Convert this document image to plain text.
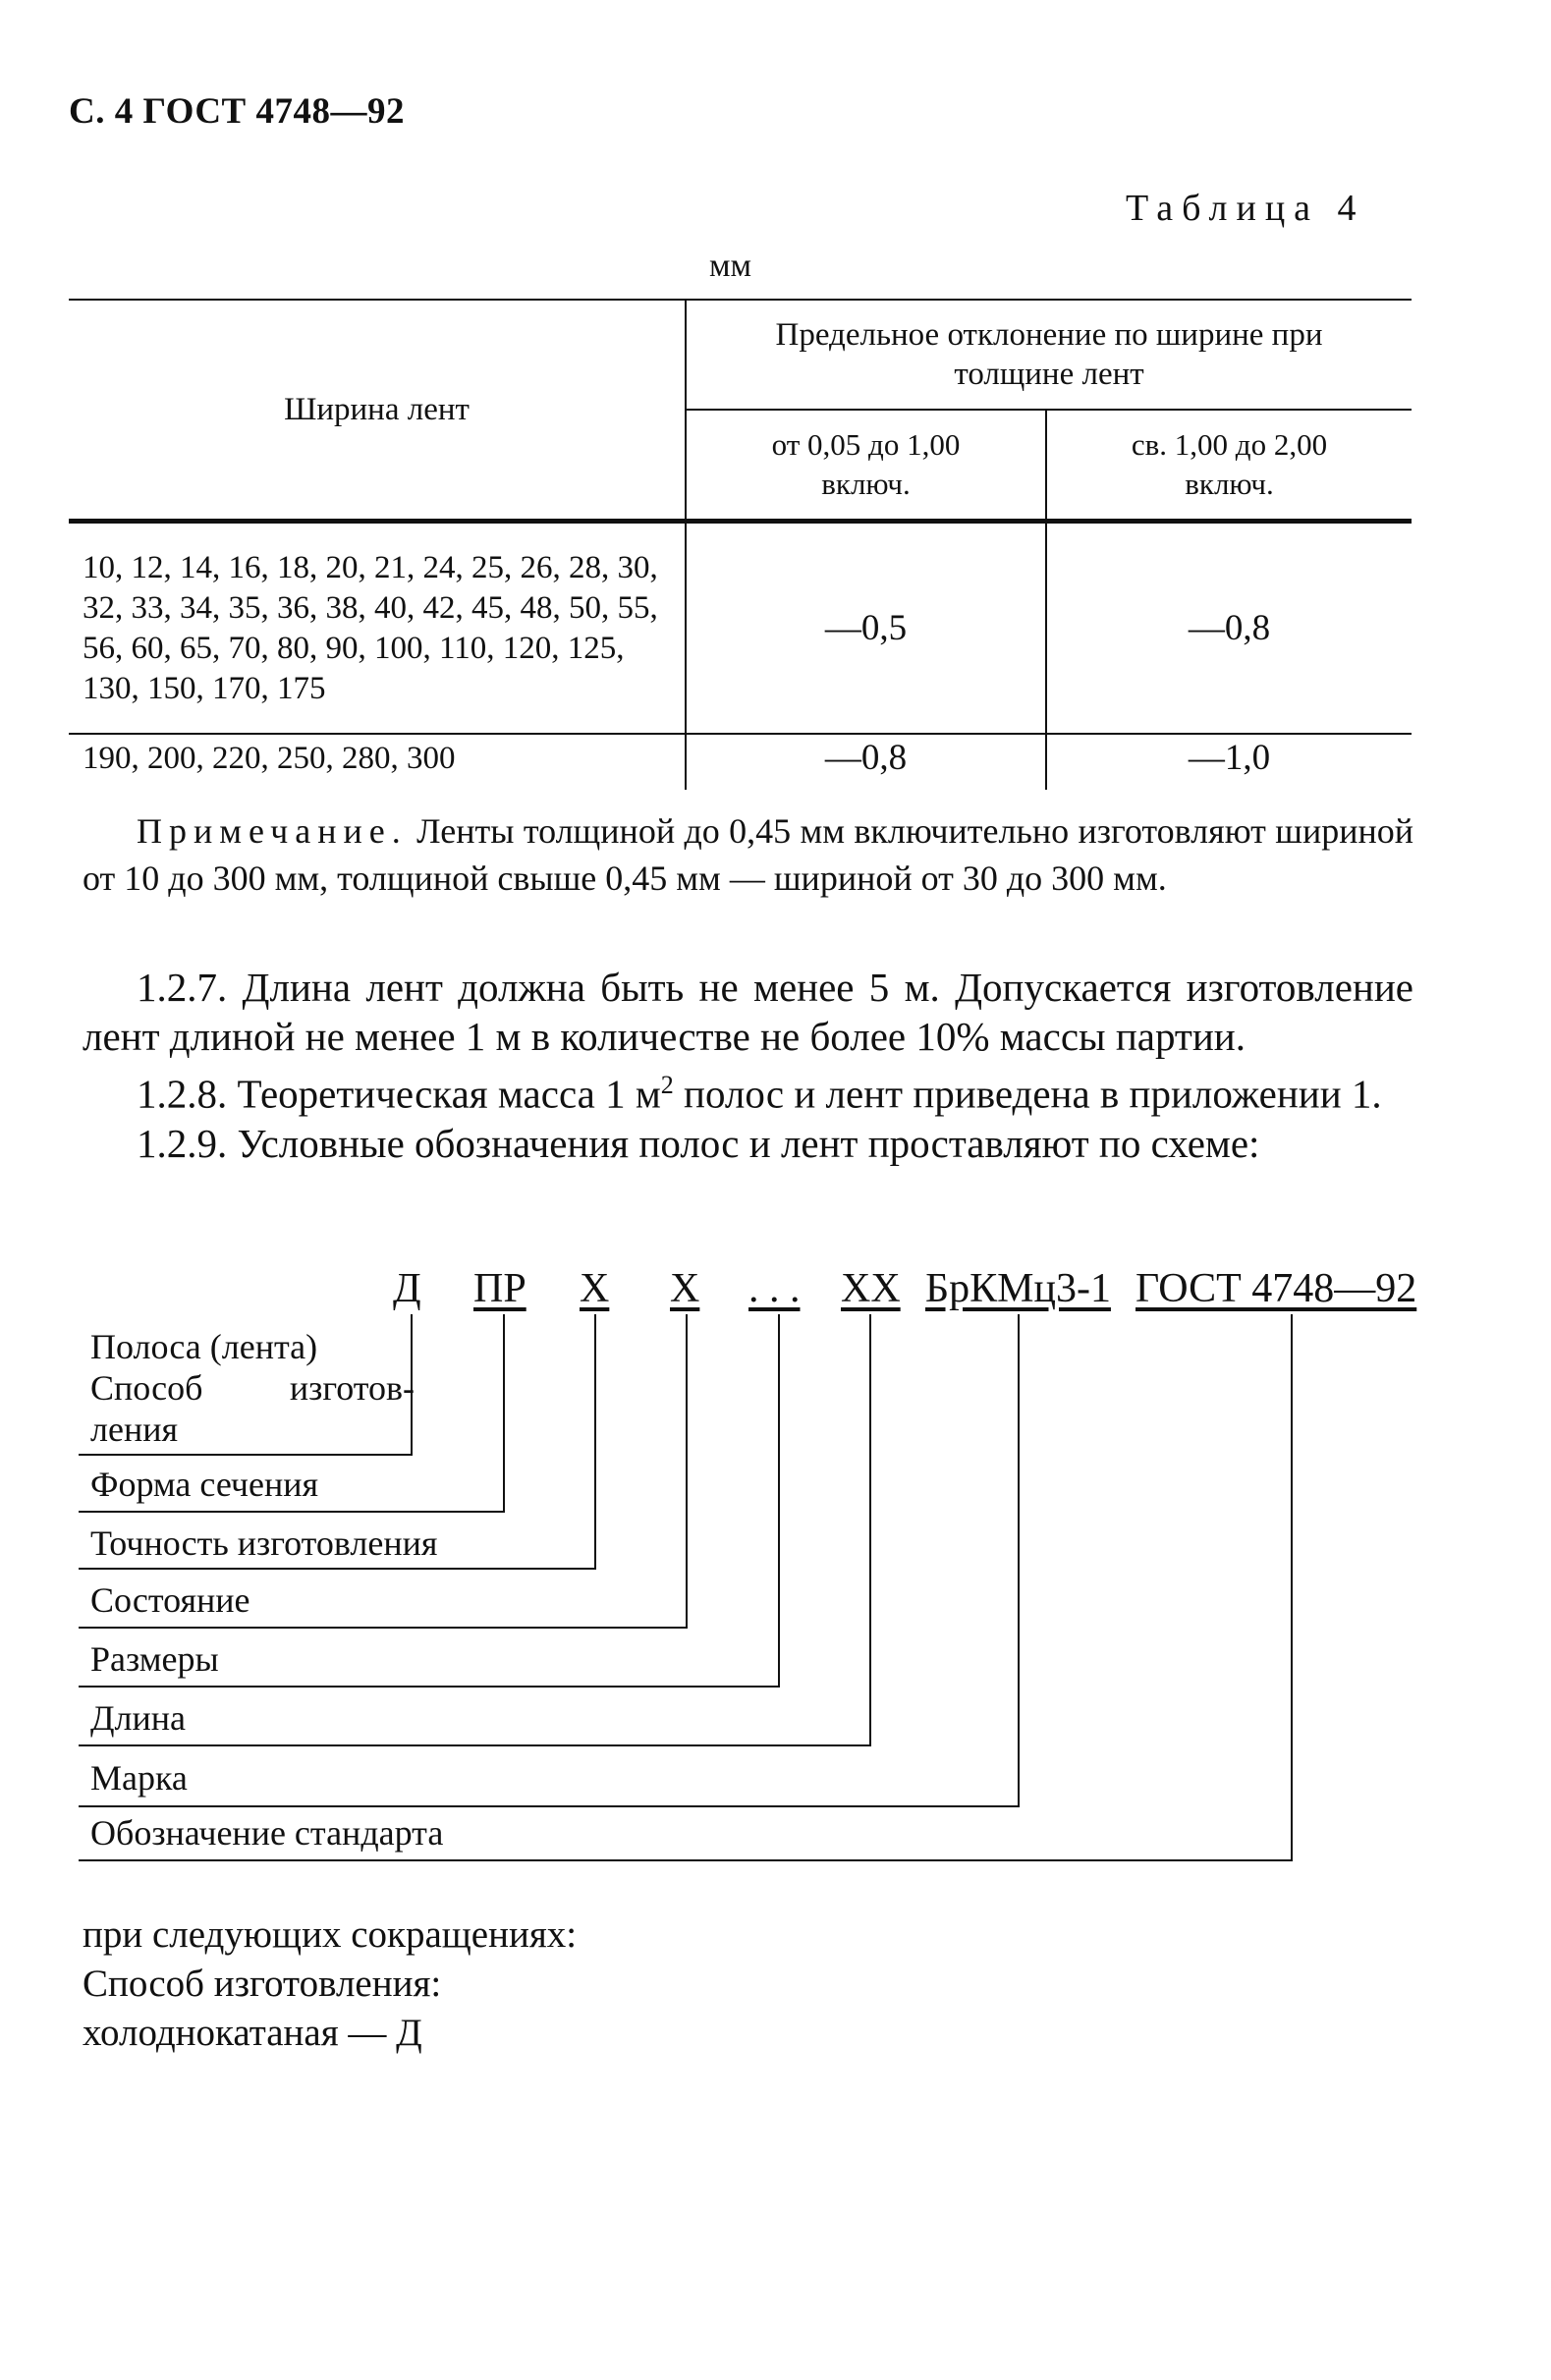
С. 4 ГОСТ 4748—92
Таблица 4
мм
Ширина лент	Предельное отклонение по ширине при толщине лент	

	от 0,05 до 1,00 включ.	св. 1,00 до 2,00 включ.

10, 12, 14, 16, 18, 20, 21, 24, 25, 26, 28, 30, 32, 33, 34, 35, 36, 38, 40, 42, 45, 48, 50, 55, 56, 60, 65, 70, 80, 90, 100, 110, 120, 125, 130, 150, 170, 175	—0,5	—0,8
190, 200, 220, 250, 280, 300	—0,8	—1,0

Примечание. Ленты толщиной до 0,45 мм включительно изготовляют шириной от 10 до 300 мм, толщиной свыше 0,45 мм — шириной от 30 до 300 мм.

1.2.7. Длина лент должна быть не менее 5 м. Допускается изготовление лент длиной не менее 1 м в количестве не более 10% массы партии.

1.2.8. Теоретическая масса 1 $м^2$ полос и лент приведена в приложении 1.

1.2.9. Условные обозначения полос и лент проставляют по схеме:

Д ПР Х Х . . . ХХ БрКМц3-1 ГОСТ 4748—92
Полоса (лента)
Способ изготов-
ления
Форма сечения
Точность изготовления
Состояние
Размеры
Длина
Марка
Обозначение стандарта
при следующих сокращениях:
Способ изготовления:
холоднокатаная — Д
